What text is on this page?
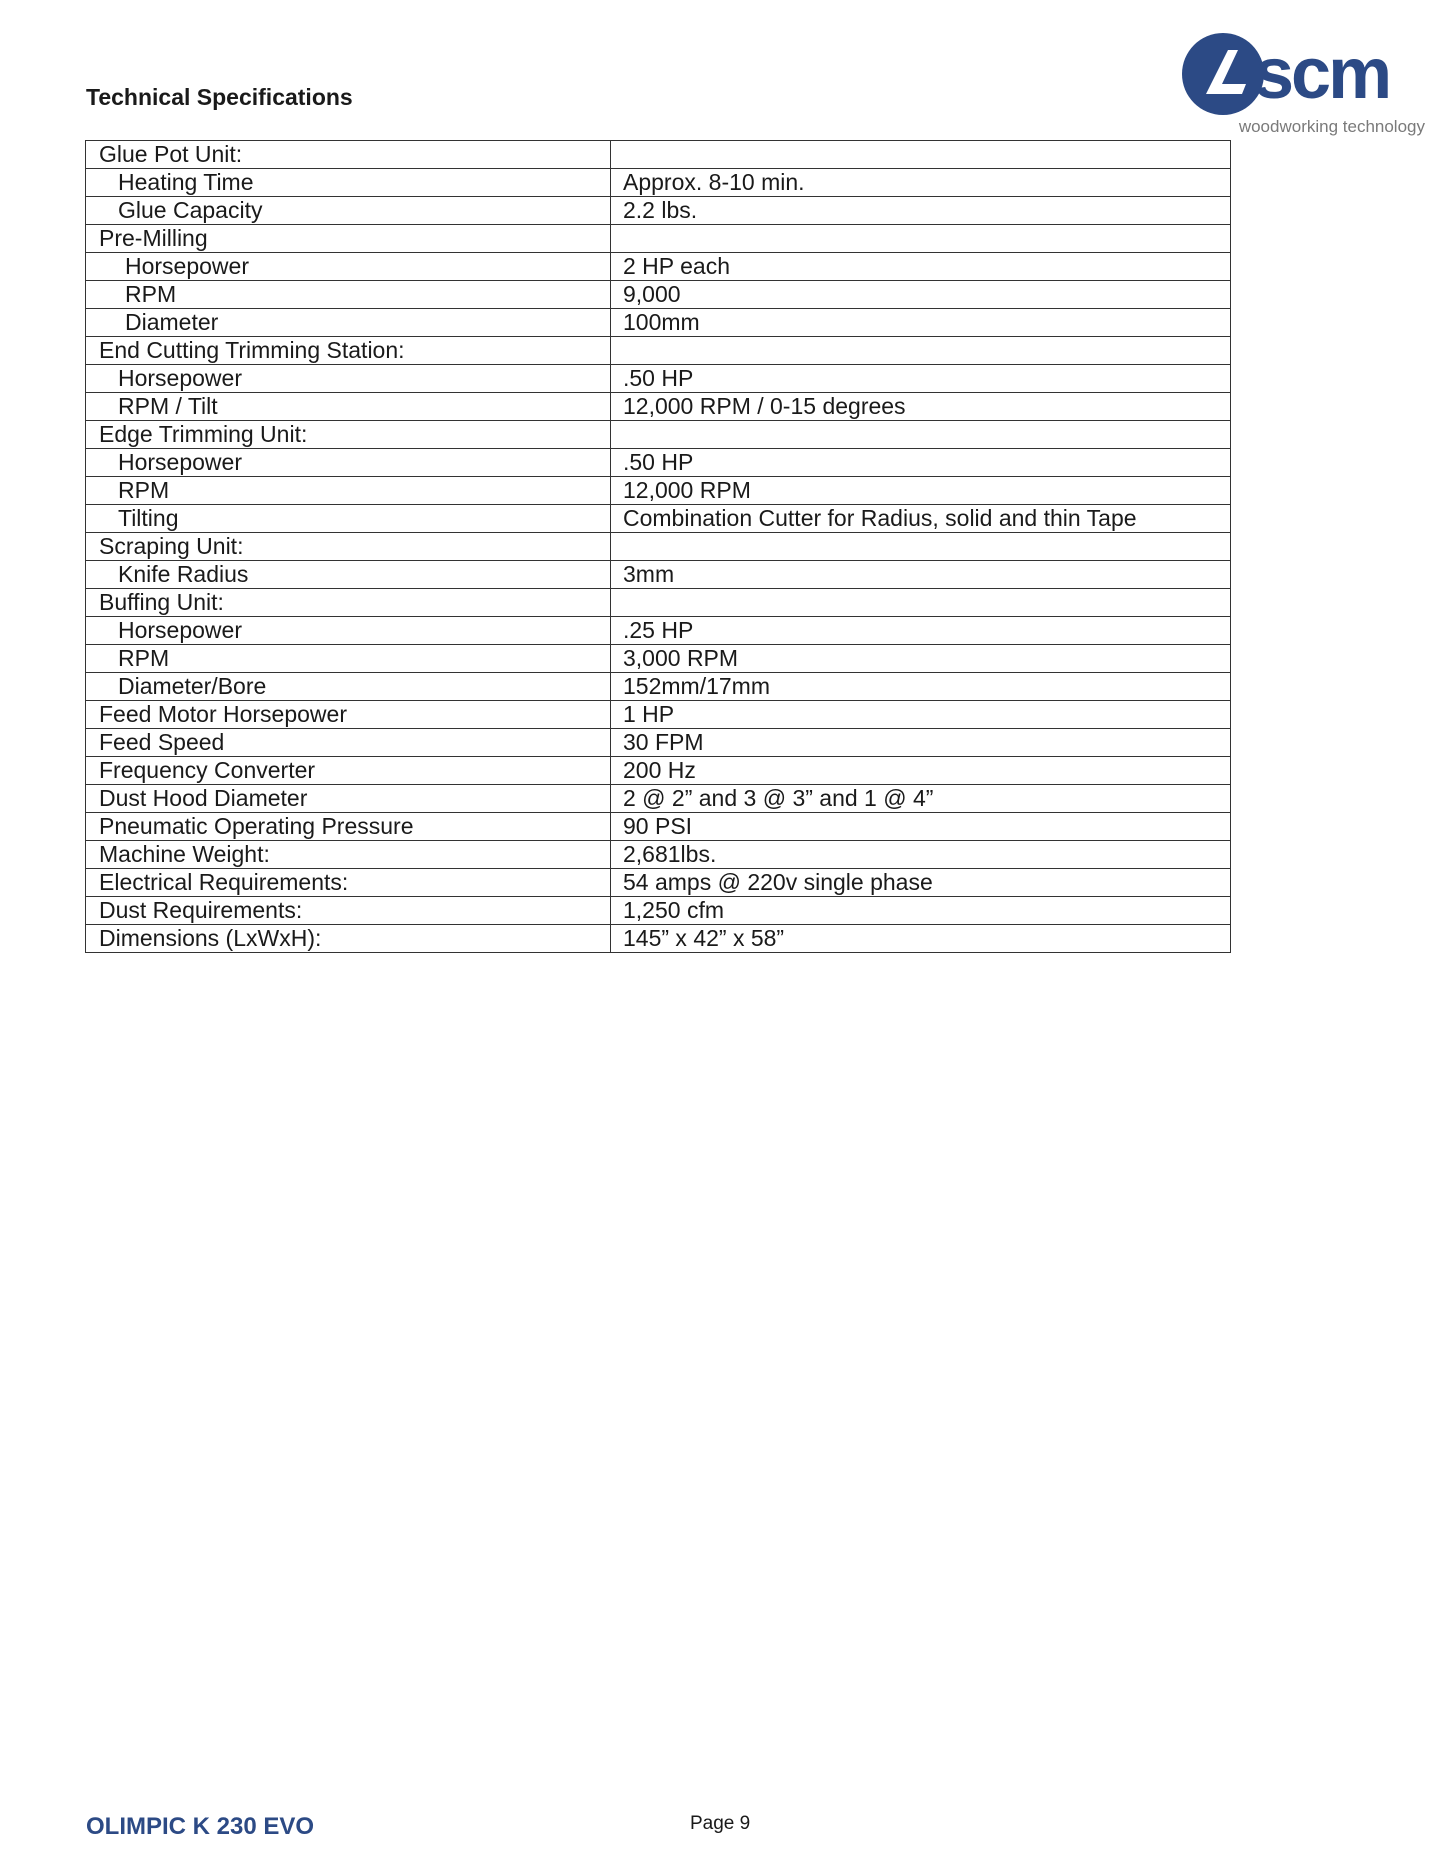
Technical Specifications	scm
woodworking technology
Glue Pot Unit:	
Heating Time	Approx. 8-10 min.
Glue Capacity	2.2 lbs.
Pre-Milling	
Horsepower	2 HP each
RPM	9,000
Diameter	100mm
End Cutting Trimming Station:	
Horsepower	.50 HP
RPM / Tilt	12,000 RPM / 0-15 degrees
Edge Trimming Unit:	
Horsepower	.50 HP
RPM	12,000 RPM
Tilting	Combination Cutter for Radius, solid and thin Tape
Scraping Unit:	
Knife Radius	3mm
Buffing Unit:	
Horsepower	.25 HP
RPM	3,000 RPM
Diameter/Bore	152mm/17mm
Feed Motor Horsepower	1 HP
Feed Speed	30 FPM
Frequency Converter	200 Hz
Dust Hood Diameter	2 @ 2” and 3 @ 3” and 1 @ 4”
Pneumatic Operating Pressure	90 PSI
Machine Weight:	2,681lbs.
Electrical Requirements:	54 amps @ 220v single phase
Dust Requirements:	1,250 cfm
Dimensions (LxWxH):	145” x 42” x 58”
OLIMPIC K 230 EVO	Page 9
